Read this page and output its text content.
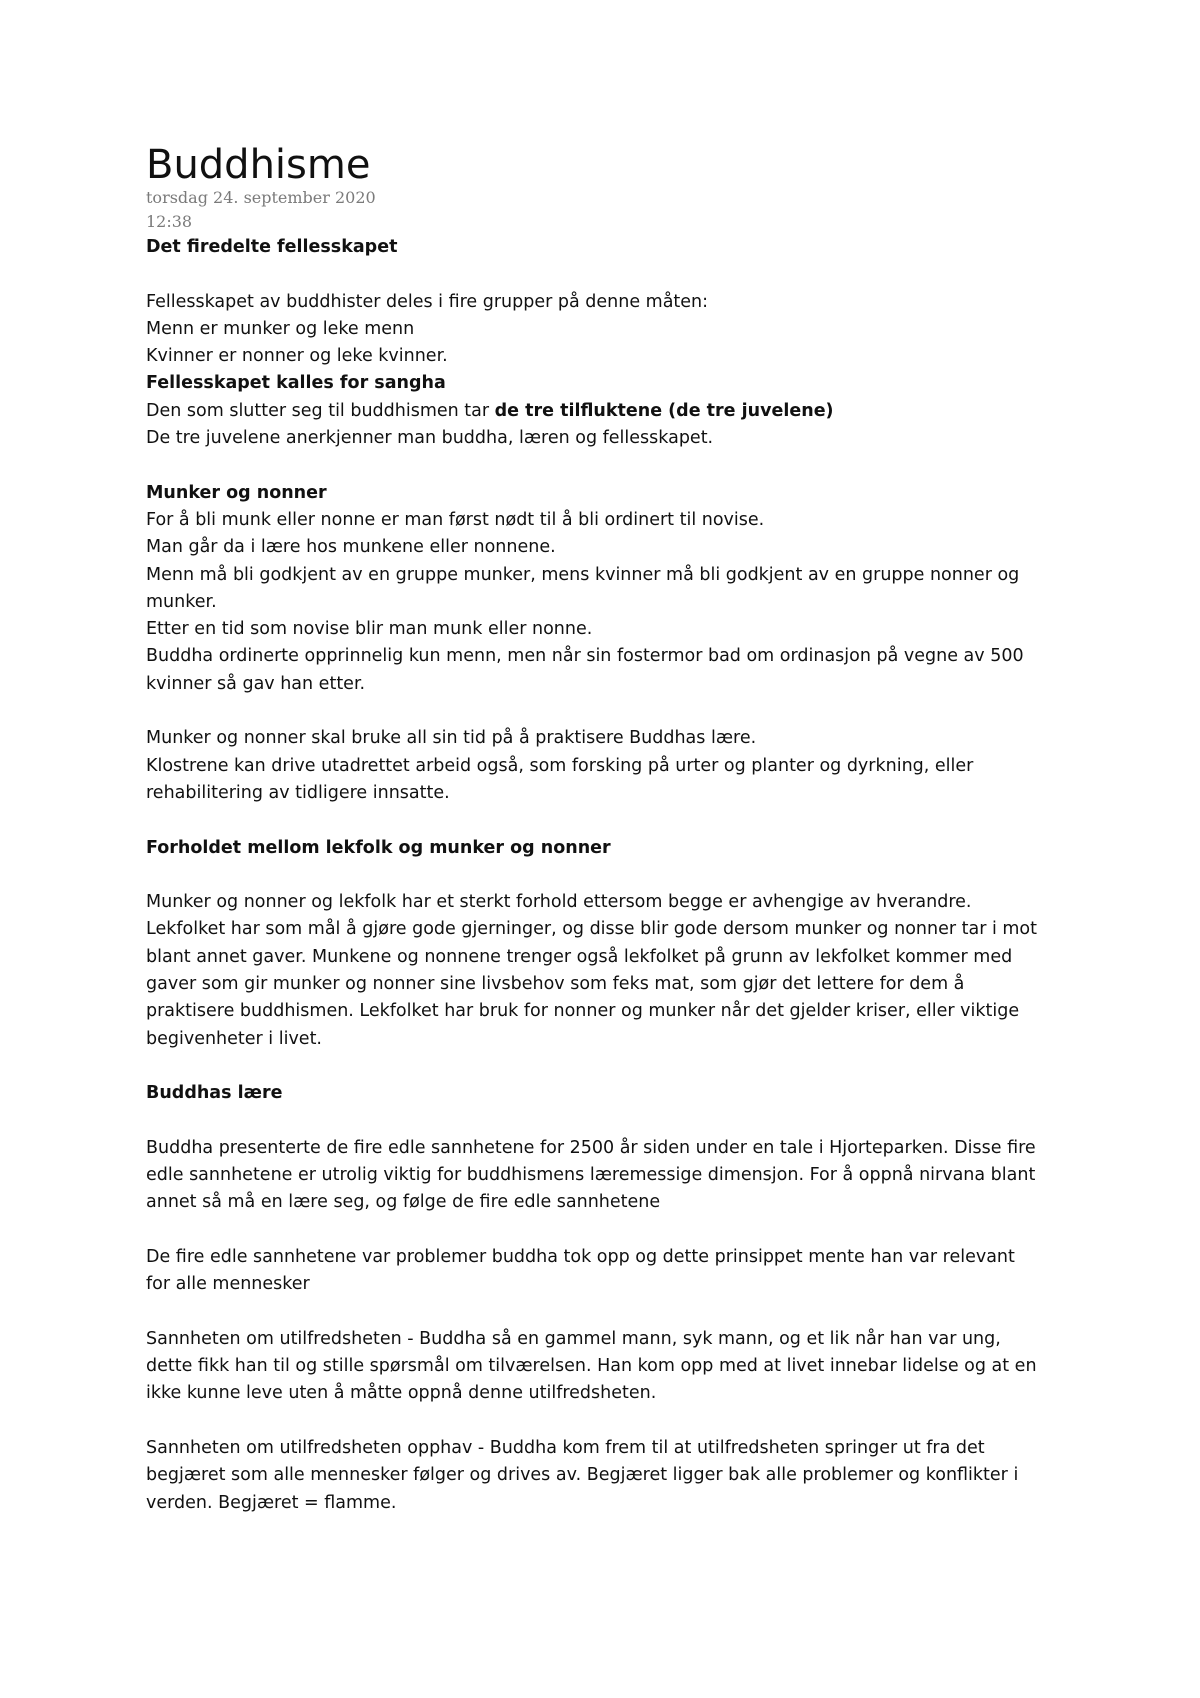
Buddhisme
torsdag 24. september 2020
12:38

Det firedelte fellesskapet

Fellesskapet av buddhister deles i fire grupper på denne måten:

Menn er munker og leke menn

Kvinner er nonner og leke kvinner.

Fellesskapet kalles for sangha

Den som slutter seg til buddhismen tar de tre tilfluktene (de tre juvelene)

De tre juvelene anerkjenner man buddha, læren og fellesskapet.

Munker og nonner

For å bli munk eller nonne er man først nødt til å bli ordinert til novise.

Man går da i lære hos munkene eller nonnene.

Menn må bli godkjent av en gruppe munker, mens kvinner må bli godkjent av en gruppe nonner og

munker.

Etter en tid som novise blir man munk eller nonne.

Buddha ordinerte opprinnelig kun menn, men når sin fostermor bad om ordinasjon på vegne av 500

kvinner så gav han etter.

Munker og nonner skal bruke all sin tid på å praktisere Buddhas lære.

Klostrene kan drive utadrettet arbeid også, som forsking på urter og planter og dyrkning, eller

rehabilitering av tidligere innsatte.

Forholdet mellom lekfolk og munker og nonner

Munker og nonner og lekfolk har et sterkt forhold ettersom begge er avhengige av hverandre.

Lekfolket har som mål å gjøre gode gjerninger, og disse blir gode dersom munker og nonner tar i mot

blant annet gaver. Munkene og nonnene trenger også lekfolket på grunn av lekfolket kommer med

gaver som gir munker og nonner sine livsbehov som feks mat, som gjør det lettere for dem å

praktisere buddhismen. Lekfolket har bruk for nonner og munker når det gjelder kriser, eller viktige

begivenheter i livet.

Buddhas lære

Buddha presenterte de fire edle sannhetene for 2500 år siden under en tale i Hjorteparken. Disse fire

edle sannhetene er utrolig viktig for buddhismens læremessige dimensjon. For å oppnå nirvana blant

annet så må en lære seg, og følge de fire edle sannhetene

De fire edle sannhetene var problemer buddha tok opp og dette prinsippet mente han var relevant

for alle mennesker

Sannheten om utilfredsheten - Buddha så en gammel mann, syk mann, og et lik når han var ung,

dette fikk han til og stille spørsmål om tilværelsen. Han kom opp med at livet innebar lidelse og at en

ikke kunne leve uten å måtte oppnå denne utilfredsheten.

Sannheten om utilfredsheten opphav - Buddha kom frem til at utilfredsheten springer ut fra det

begjæret som alle mennesker følger og drives av. Begjæret ligger bak alle problemer og konflikter i

verden. Begjæret = flamme.
